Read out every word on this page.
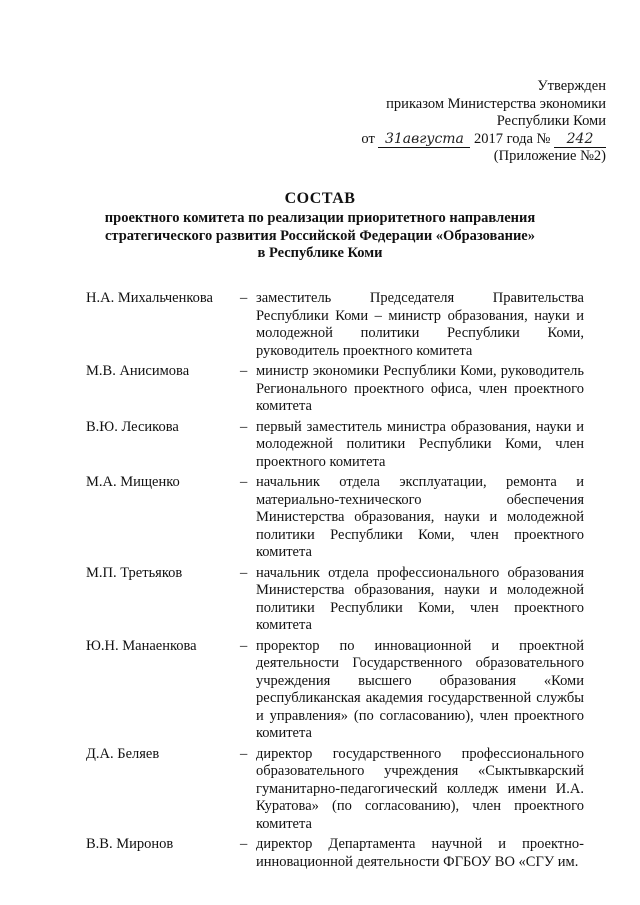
Утвержден
приказом Министерства экономики
Республики Коми
от 31августа 2017 года № 242
(Приложение №2)
СОСТАВ
проектного комитета по реализации приоритетного направления
стратегического развития Российской Федерации «Образование»
в Республике Коми
Н.А. Михальченкова – заместитель Председателя Правительства Республики Коми – министр образования, науки и молодежной политики Республики Коми, руководитель проектного комитета
М.В. Анисимова	– министр экономики Республики Коми, руководитель Регионального проектного офиса, член проектного комитета
В.Ю. Лесикова	– первый заместитель министра образования, науки и молодежной политики Республики Коми, член проектного комитета
М.А. Мищенко	– начальник отдела эксплуатации, ремонта и материально-технического обеспечения Министерства образования, науки и молодежной политики Республики Коми, член проектного комитета
М.П. Третьяков	– начальник отдела профессионального образования Министерства образования, науки и молодежной политики Республики Коми, член проектного комитета
Ю.Н. Манаенкова	– проректор по инновационной и проектной деятельности Государственного образовательного учреждения высшего образования «Коми республиканская академия государственной службы и управления» (по согласованию), член проектного комитета
Д.А. Беляев	– директор государственного профессионального образовательного учреждения «Сыктывкарский гуманитарно-педагогический колледж имени И.А. Куратова» (по согласованию), член проектного комитета
В.В. Миронов	– директор Департамента научной и проектно-инновационной деятельности ФГБОУ ВО «СГУ им.
